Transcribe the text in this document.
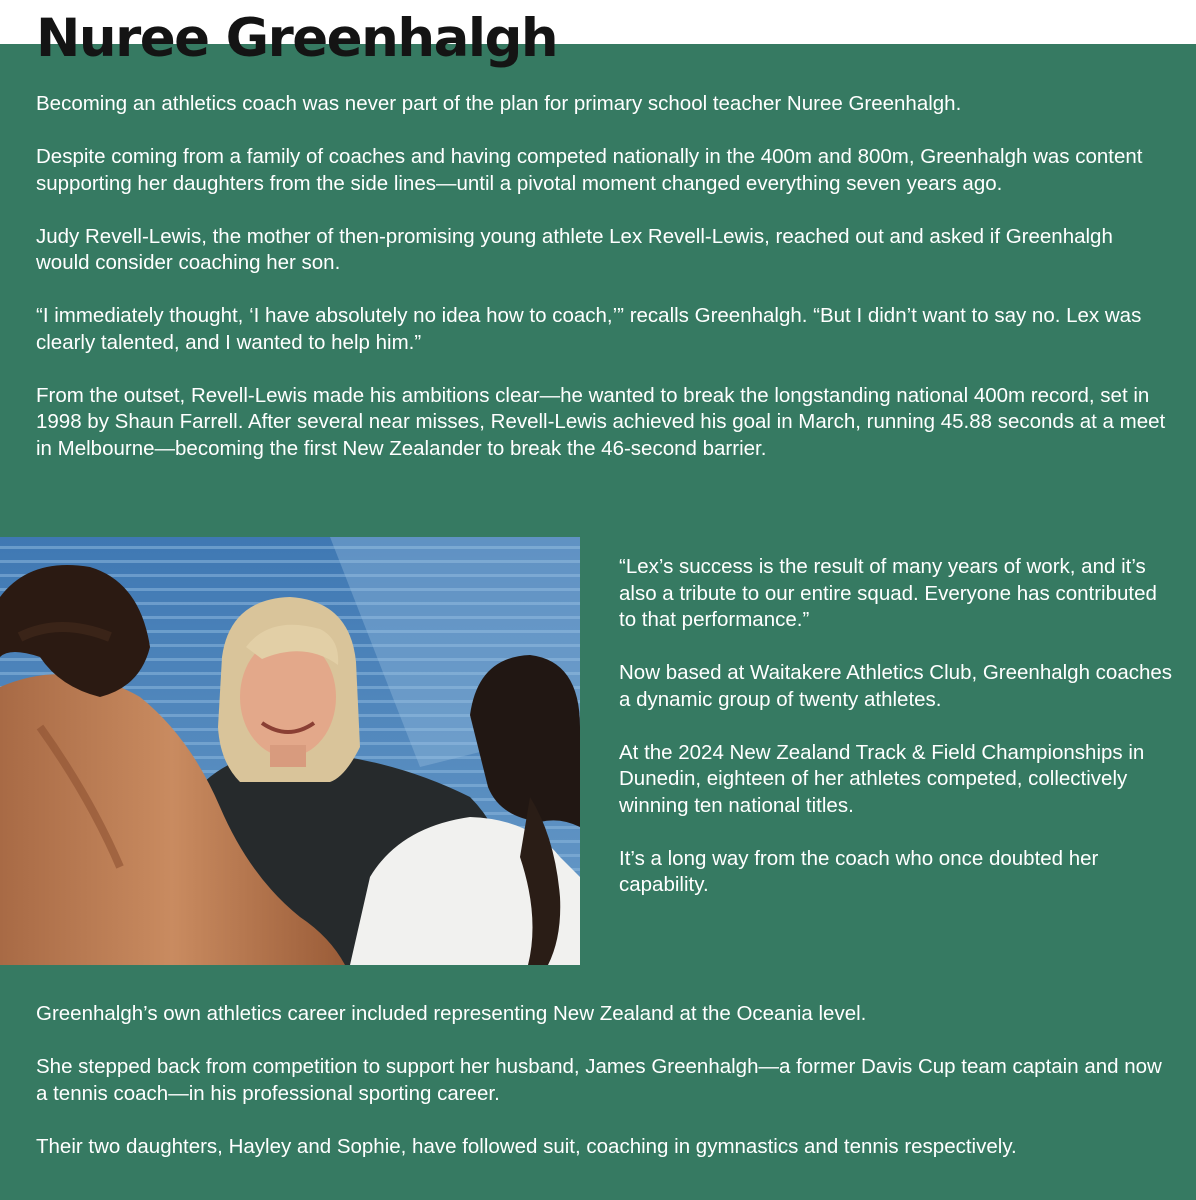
Nuree Greenhalgh

Becoming an athletics coach was never part of the plan for primary school teacher Nuree Greenhalgh.

Despite coming from a family of coaches and having competed nationally in the 400m and 800m, Greenhalgh was content supporting her daughters from the side lines—until a pivotal moment changed everything seven years ago.

Judy Revell-Lewis, the mother of then-promising young athlete Lex Revell-Lewis, reached out and asked if Greenhalgh would consider coaching her son.

“I immediately thought, ‘I have absolutely no idea how to coach,’” recalls Greenhalgh. “But I didn’t want to say no. Lex was clearly talented, and I wanted to help him.”

From the outset, Revell-Lewis made his ambitions clear—he wanted to break the longstanding national 400m record, set in 1998 by Shaun Farrell. After several near misses, Revell-Lewis achieved his goal in March, running 45.88 seconds at a meet in Melbourne—becoming the first New Zealander to break the 46-second barrier.

“Lex’s success is the result of many years of work, and it’s also a tribute to our entire squad. Everyone has contributed to that performance.”

Now based at Waitakere Athletics Club, Greenhalgh coaches a dynamic group of twenty athletes.

At the 2024 New Zealand Track & Field Championships in Dunedin, eighteen of her athletes competed, collectively winning ten national titles.

It’s a long way from the coach who once doubted her capability.

Greenhalgh’s own athletics career included representing New Zealand at the Oceania level.

She stepped back from competition to support her husband, James Greenhalgh—a former Davis Cup team captain and now a tennis coach—in his professional sporting career.

Their two daughters, Hayley and Sophie, have followed suit, coaching in gymnastics and tennis respectively.
